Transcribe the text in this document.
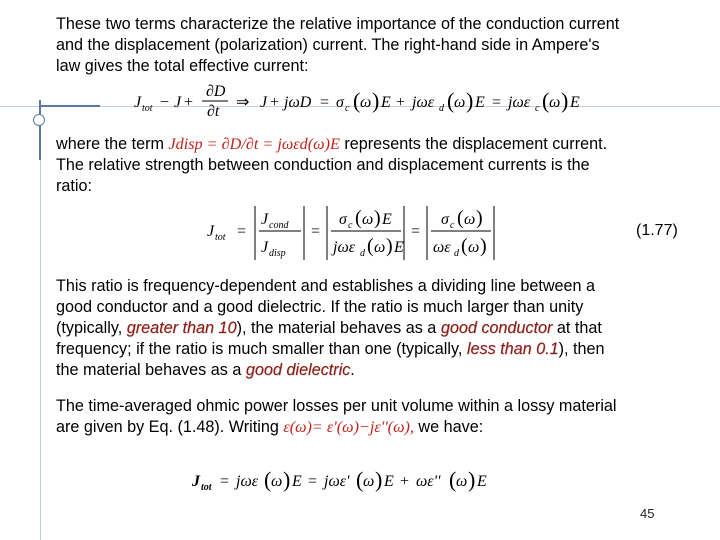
These two terms characterize the relative importance of the conduction current
and the displacement (polarization) current. The right-hand side in Ampere's
law gives the total effective current:

J tot − J +
∂D
∂t
⇒ J + jωD = σ c ( ω ) E + jωε d ( ω ) E = jωε c ( ω ) E

where the term Jdisp = ∂D/∂t = jωεd(ω)E represents the displacement current.
The relative strength between conduction and displacement currents is the
ratio:

J tot =
J cond
J disp
=
σ c ( ω ) E
jωε d ( ω ) E
=
σ c ( ω )
ωε d ( ω )
(1.77)

This ratio is frequency-dependent and establishes a dividing line between a
good conductor and a good dielectric. If the ratio is much larger than unity
(typically, greater than 10), the material behaves as a good conductor at that
frequency; if the ratio is much smaller than one (typically, less than 0.1), then
the material behaves as a good dielectric.

The time-averaged ohmic power losses per unit volume within a lossy material
are given by Eq. (1.48). Writing ε(ω)= ε'(ω)−jε''(ω), we have:

J tot = jωε ( ω ) E = jωε' ( ω ) E + ωε'' ( ω ) E
45
